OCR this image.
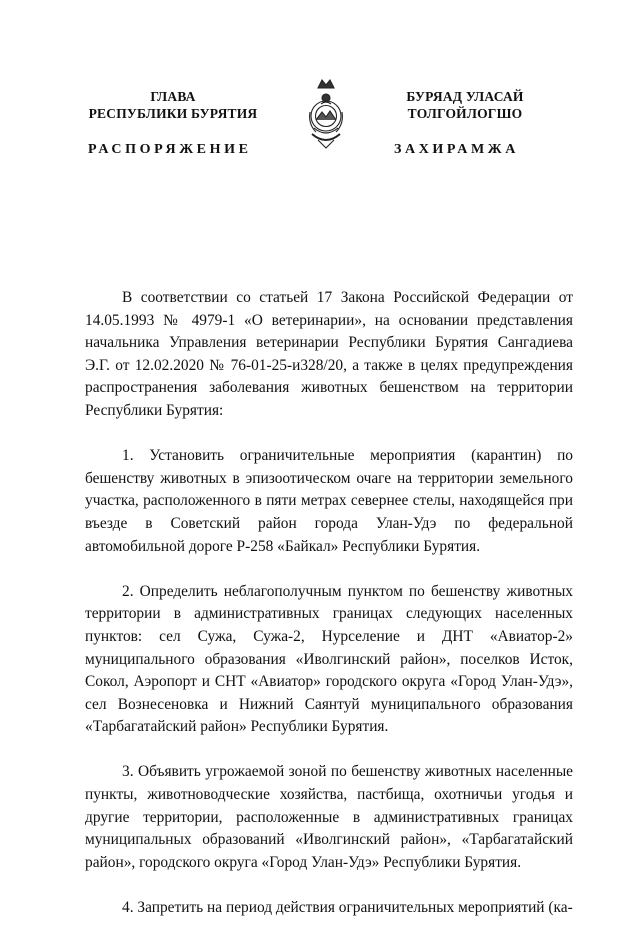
ГЛАВА
РЕСПУБЛИКИ БУРЯТИЯ
БУРЯАД УЛАСАЙ
ТОЛГОЙЛОГШО
РАСПОРЯЖЕНИЕ	ЗАХИРАМЖА

В соответствии со статьей 17 Закона Российской Федерации от 14.05.1993 № 4979-1 «О ветеринарии», на основании представления начальника Управления ветеринарии Республики Бурятия Сангадиева Э.Г. от 12.02.2020 № 76-01-25-и328/20, а также в целях предупреждения распространения заболевания животных бешенством на территории Республики Бурятия:

1. Установить ограничительные мероприятия (карантин) по бешенству животных в эпизоотическом очаге на территории земельного участка, расположенного в пяти метрах севернее стелы, находящейся при въезде в Советский район города Улан-Удэ по федеральной автомобильной дороге Р-258 «Байкал» Республики Бурятия.

2. Определить неблагополучным пунктом по бешенству животных территории в административных границах следующих населенных пунктов: сел Сужа, Сужа-2, Нурселение и ДНТ «Авиатор-2» муниципального образования «Иволгинский район», поселков Исток, Сокол, Аэропорт и СНТ «Авиатор» городского округа «Город Улан-Удэ», сел Вознесеновка и Нижний Саянтуй муниципального образования «Тарбагатайский район» Республики Бурятия.

3. Объявить угрожаемой зоной по бешенству животных населенные пункты, животноводческие хозяйства, пастбища, охотничьи угодья и другие территории, расположенные в административных границах муниципальных образований «Иволгинский район», «Тарбагатайский район», городского округа «Город Улан-Удэ» Республики Бурятия.

4. Запретить на период действия ограничительных мероприятий (ка-
